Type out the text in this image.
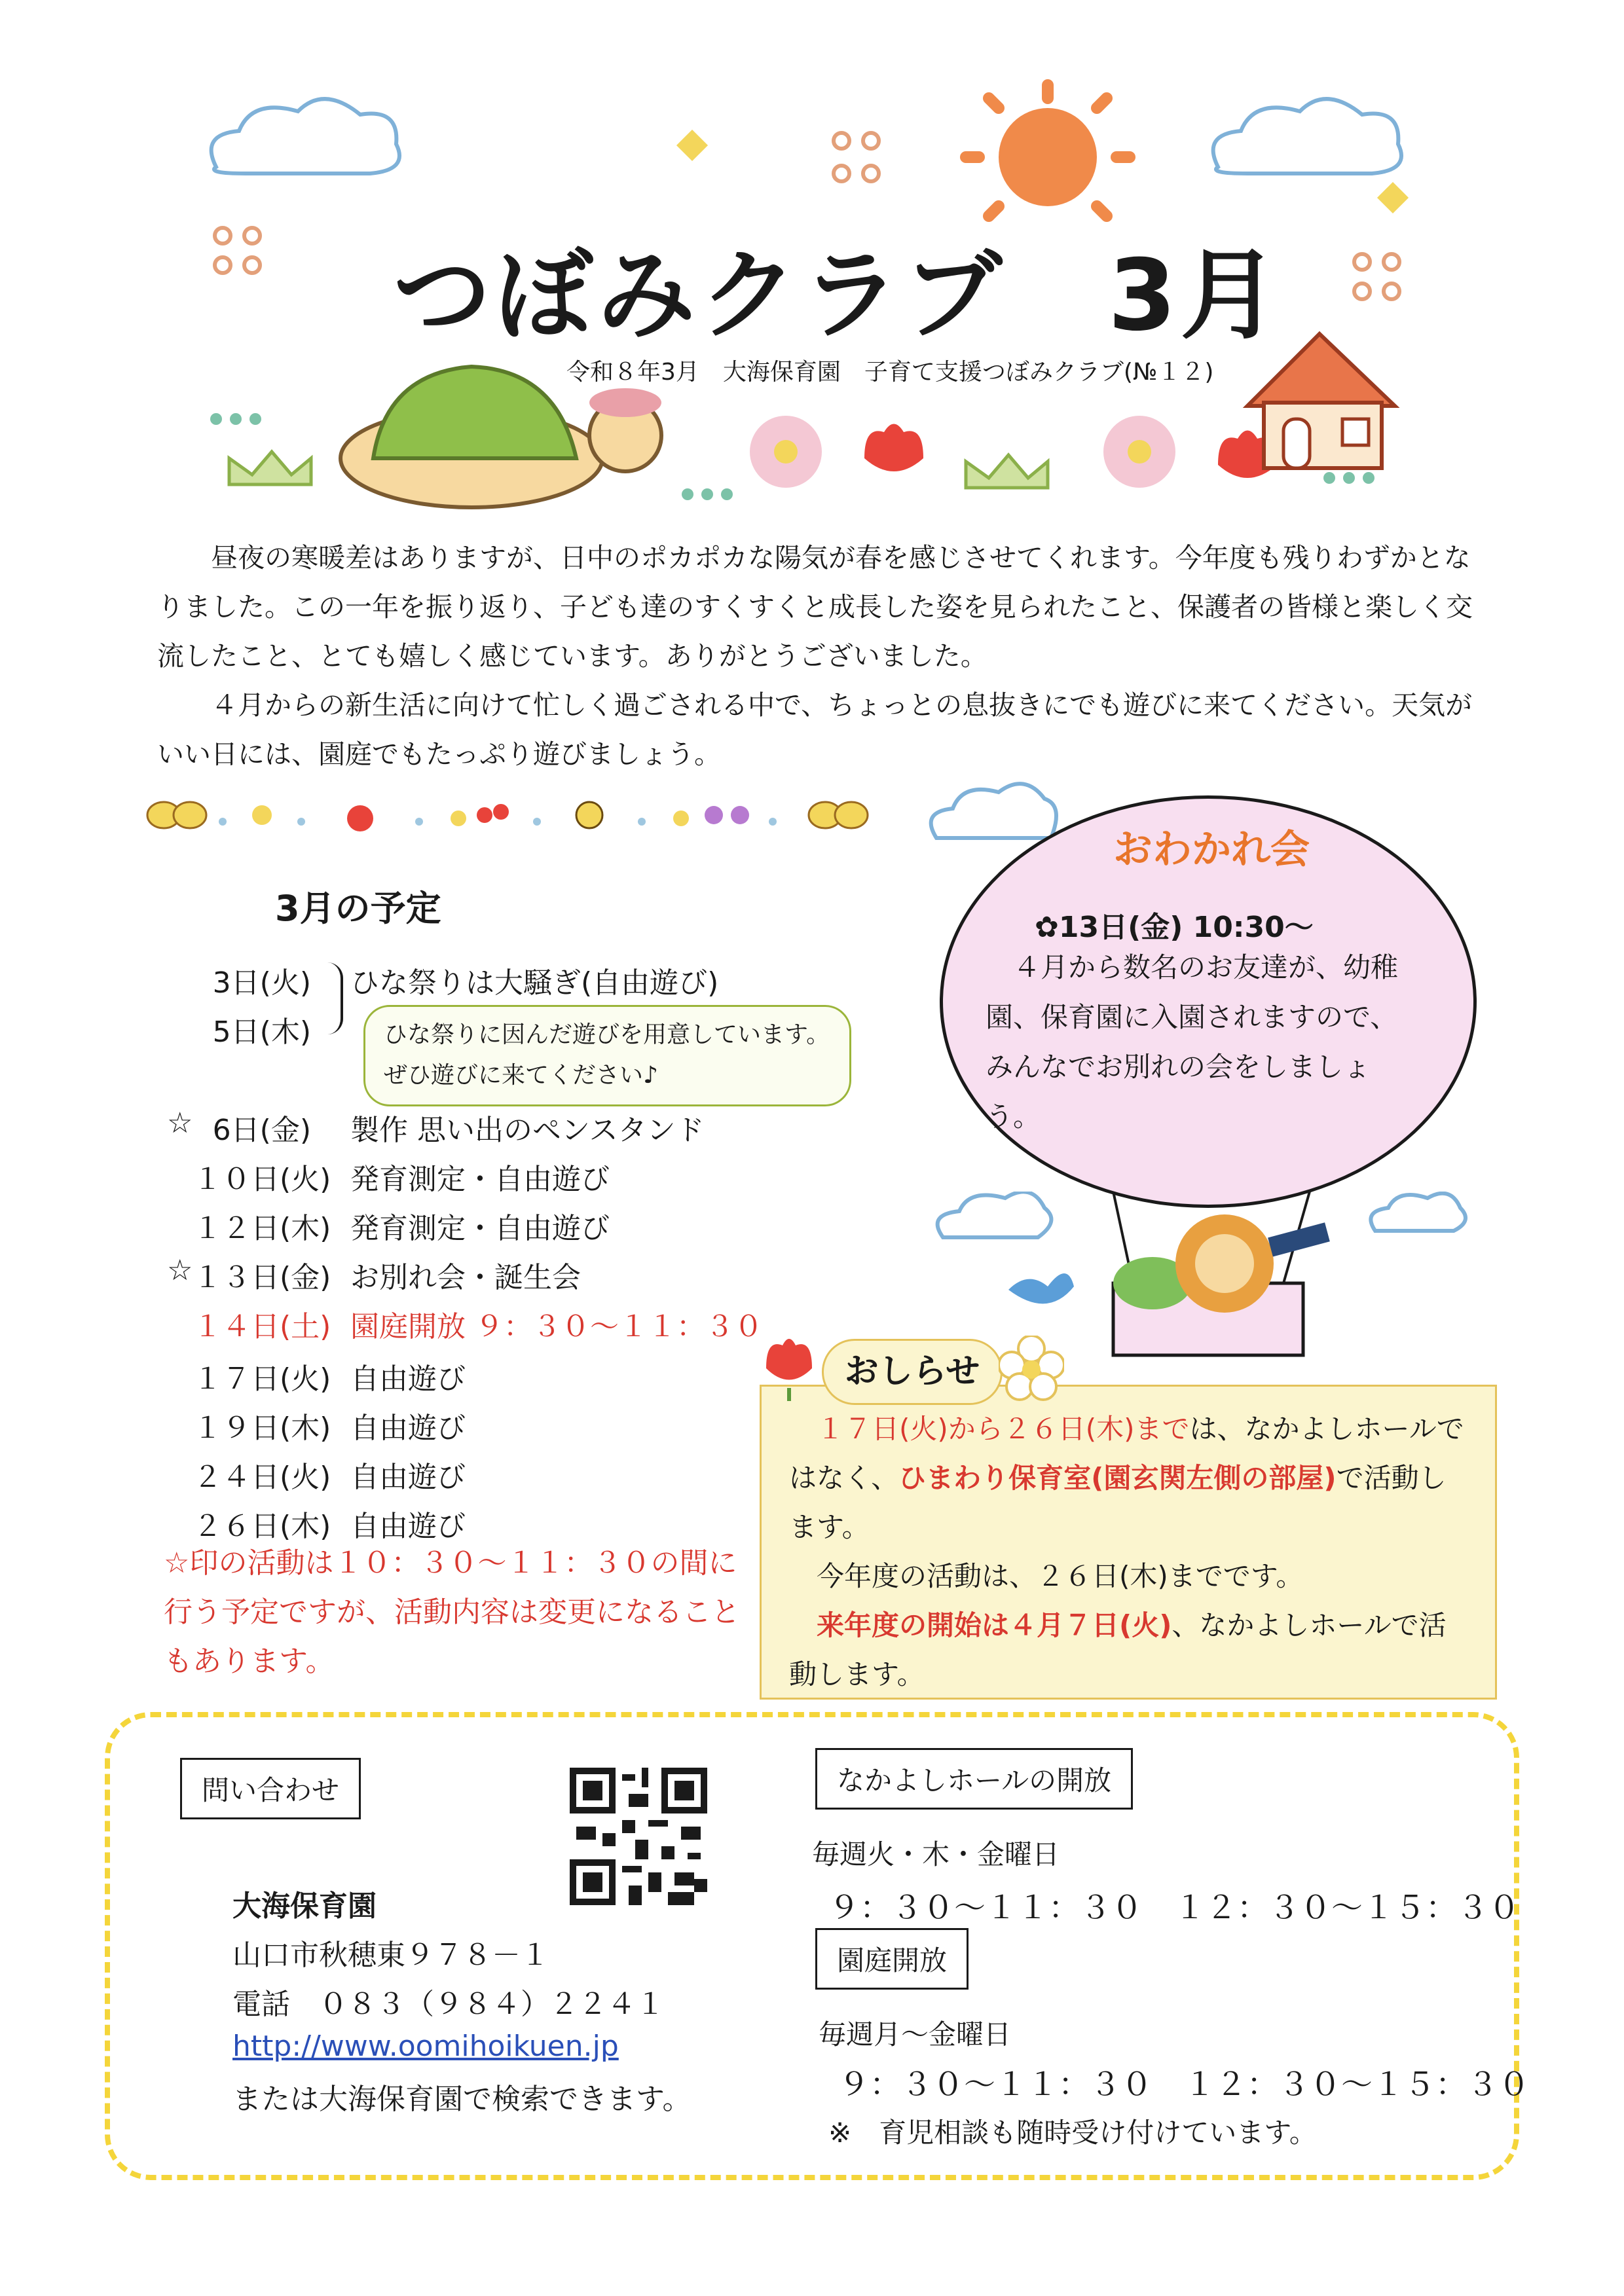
つぼみクラブ　3月
令和８年3月　大海保育園　子育て支援つぼみクラブ(№１２)

昼夜の寒暖差はありますが、日中のポカポカな陽気が春を感じさせてくれます。今年度も残りわずかとなりました。この一年を振り返り、子ども達のすくすくと成長した姿を見られたこと、保護者の皆様と楽しく交流したこと、とても嬉しく感じています。ありがとうございました。

４月からの新生活に向けて忙しく過ごされる中で、ちょっとの息抜きにでも遊びに来てください。天気がいい日には、園庭でもたっぷり遊びましょう。

3月の予定
3日(火) ひな祭りは大騒ぎ(自由遊び)
5日(木)
☆ 6日(金) 製作 思い出のペンスタンド
１０日(火) 発育測定・自由遊び
１２日(木) 発育測定・自由遊び
☆ １３日(金) お別れ会・誕生会
１４日(土) 園庭開放 ９：３０～１１：３０
１７日(火) 自由遊び
１９日(木) 自由遊び
２４日(火) 自由遊び
２６日(木) 自由遊び
ひな祭りに因んだ遊びを用意しています。
ぜひ遊びに来てください♪
☆印の活動は１０：３０～１１：３０の間に行う予定ですが、活動内容は変更になることもあります。
おわかれ会
✿13日(金) 10:30～
４月から数名のお友達が、幼稚園、保育園に入園されますので、みんなでお別れの会をしましょう。
おしらせ

１７日(火)から２６日(木)までは、なかよしホールではなく、ひまわり保育室(園玄関左側の部屋)で活動します。

今年度の活動は、２６日(木)までです。

来年度の開始は４月７日(火)、なかよしホールで活動します。

問い合わせ
大海保育園
山口市秋穂東９７８－１
電話　０８３（９８４）２２４１
http://www.oomihoikuen.jp
または大海保育園で検索できます。
なかよしホールの開放
毎週火・木・金曜日
９：３０～１１：３０　１２：３０～１５：３０
園庭開放
毎週月～金曜日
９：３０～１１：３０　１２：３０～１５：３０
※　育児相談も随時受け付けています。
